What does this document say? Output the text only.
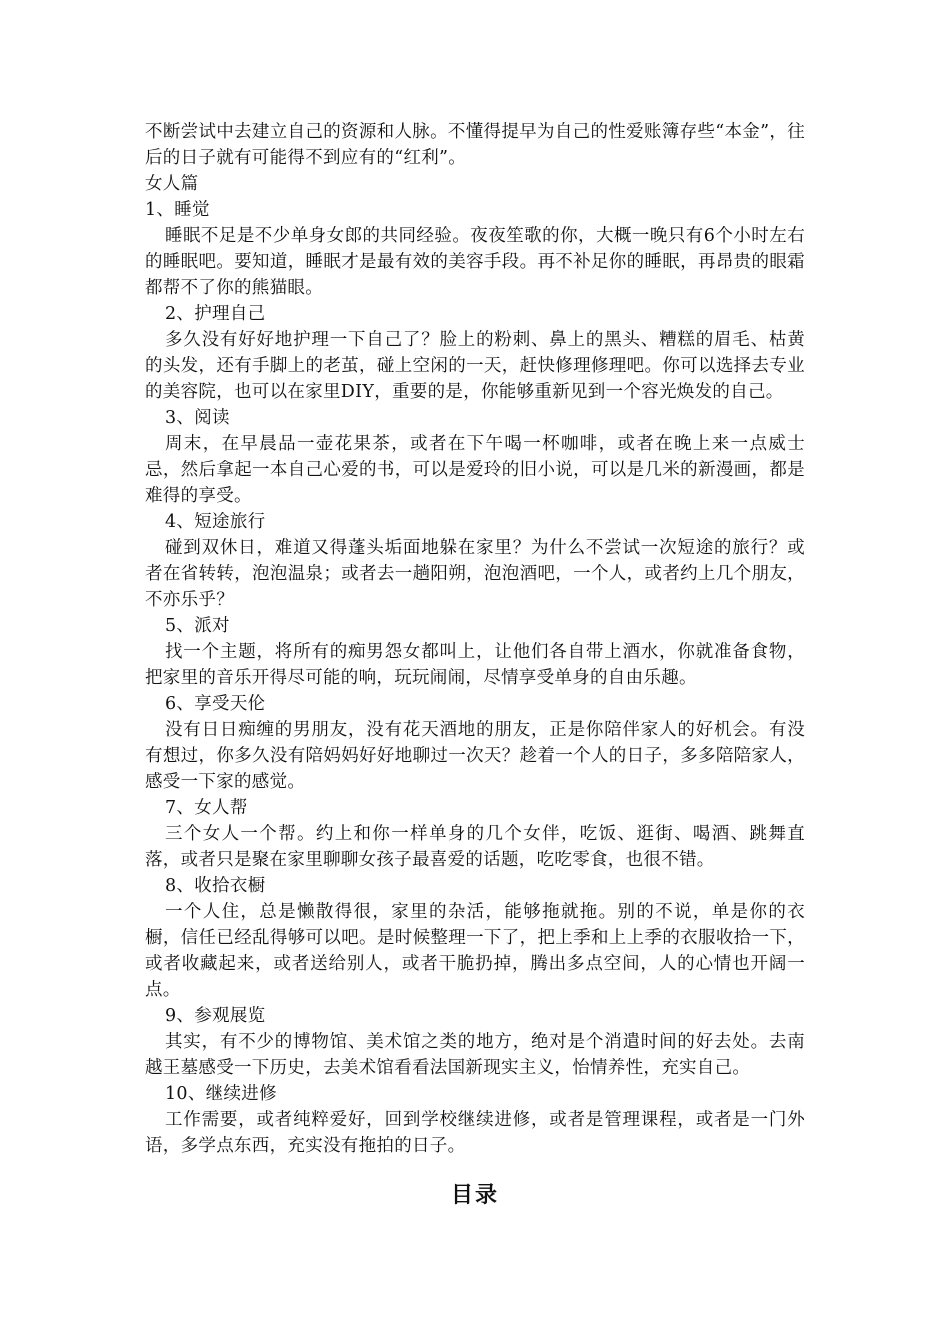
不断尝试中去建立自己的资源和人脉。不懂得提早为自己的性爱账簿存些“本金”，往后的日子就有可能得不到应有的“红利”。

女人篇

1、睡觉

睡眠不足是不少单身女郎的共同经验。夜夜笙歌的你，大概一晚只有6个小时左右的睡眠吧。要知道，睡眠才是最有效的美容手段。再不补足你的睡眠，再昂贵的眼霜都帮不了你的熊猫眼。

2、护理自己

多久没有好好地护理一下自己了？脸上的粉刺、鼻上的黑头、糟糕的眉毛、枯黄的头发，还有手脚上的老茧，碰上空闲的一天，赶快修理修理吧。你可以选择去专业的美容院，也可以在家里DIY，重要的是，你能够重新见到一个容光焕发的自己。

3、阅读

周末，在早晨品一壶花果茶，或者在下午喝一杯咖啡，或者在晚上来一点威士忌，然后拿起一本自己心爱的书，可以是爱玲的旧小说，可以是几米的新漫画，都是难得的享受。

4、短途旅行

碰到双休日，难道又得蓬头垢面地躲在家里？为什么不尝试一次短途的旅行？或者在省转转，泡泡温泉；或者去一趟阳朔，泡泡酒吧，一个人，或者约上几个朋友，不亦乐乎？

5、派对

找一个主题，将所有的痴男怨女都叫上，让他们各自带上酒水，你就准备食物，把家里的音乐开得尽可能的响，玩玩闹闹，尽情享受单身的自由乐趣。

6、享受天伦

没有日日痴缠的男朋友，没有花天酒地的朋友，正是你陪伴家人的好机会。有没有想过，你多久没有陪妈妈好好地聊过一次天？趁着一个人的日子，多多陪陪家人，感受一下家的感觉。

7、女人帮

三个女人一个帮。约上和你一样单身的几个女伴，吃饭、逛街、喝酒、跳舞直落，或者只是聚在家里聊聊女孩子最喜爱的话题，吃吃零食，也很不错。

8、收拾衣橱

一个人住，总是懒散得很，家里的杂活，能够拖就拖。别的不说，单是你的衣橱，信任已经乱得够可以吧。是时候整理一下了，把上季和上上季的衣服收拾一下，或者收藏起来，或者送给别人，或者干脆扔掉，腾出多点空间，人的心情也开阔一点。

9、参观展览

其实，有不少的博物馆、美术馆之类的地方，绝对是个消遣时间的好去处。去南越王墓感受一下历史，去美术馆看看法国新现实主义，怡情养性，充实自己。

10、继续进修

工作需要，或者纯粹爱好，回到学校继续进修，或者是管理课程，或者是一门外语，多学点东西，充实没有拖拍的日子。

目录
